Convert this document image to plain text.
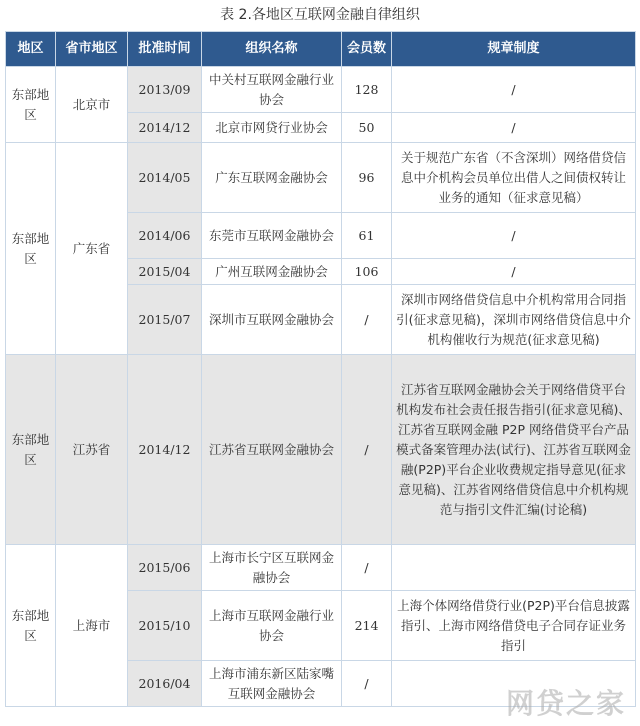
表 2.各地区互联网金融自律组织
地区	省市地区	批准时间	组织名称	会员数	规章制度
东部地区	北京市	2013/09	中关村互联网金融行业协会	128	/
		2014/12	北京市网贷行业协会	50	/
东部地区	广东省	2014/05	广东互联网金融协会	96	关于规范广东省（不含深圳）网络借贷信息中介机构会员单位出借人之间债权转让业务的通知（征求意见稿）
		2014/06	东莞市互联网金融协会	61	/
		2015/04	广州互联网金融协会	106	/
		2015/07	深圳市互联网金融协会	/	深圳市网络借贷信息中介机构常用合同指引(征求意见稿)，深圳市网络借贷信息中介机构催收行为规范(征求意见稿)
东部地区	江苏省	2014/12	江苏省互联网金融协会	/	江苏省互联网金融协会关于网络借贷平台机构发布社会责任报告指引(征求意见稿)、江苏省互联网金融 P2P 网络借贷平台产品模式备案管理办法(试行)、江苏省互联网金融(P2P)平台企业收费规定指导意见(征求意见稿)、江苏省网络借贷信息中介机构规范与指引文件汇编(讨论稿)
东部地区	上海市	2015/06	上海市长宁区互联网金融协会	/	
		2015/10	上海市互联网金融行业协会	214	上海个体网络借贷行业(P2P)平台信息披露指引、上海市网络借贷电子合同存证业务指引
		2016/04	上海市浦东新区陆家嘴互联网金融协会	/	
网贷之家
